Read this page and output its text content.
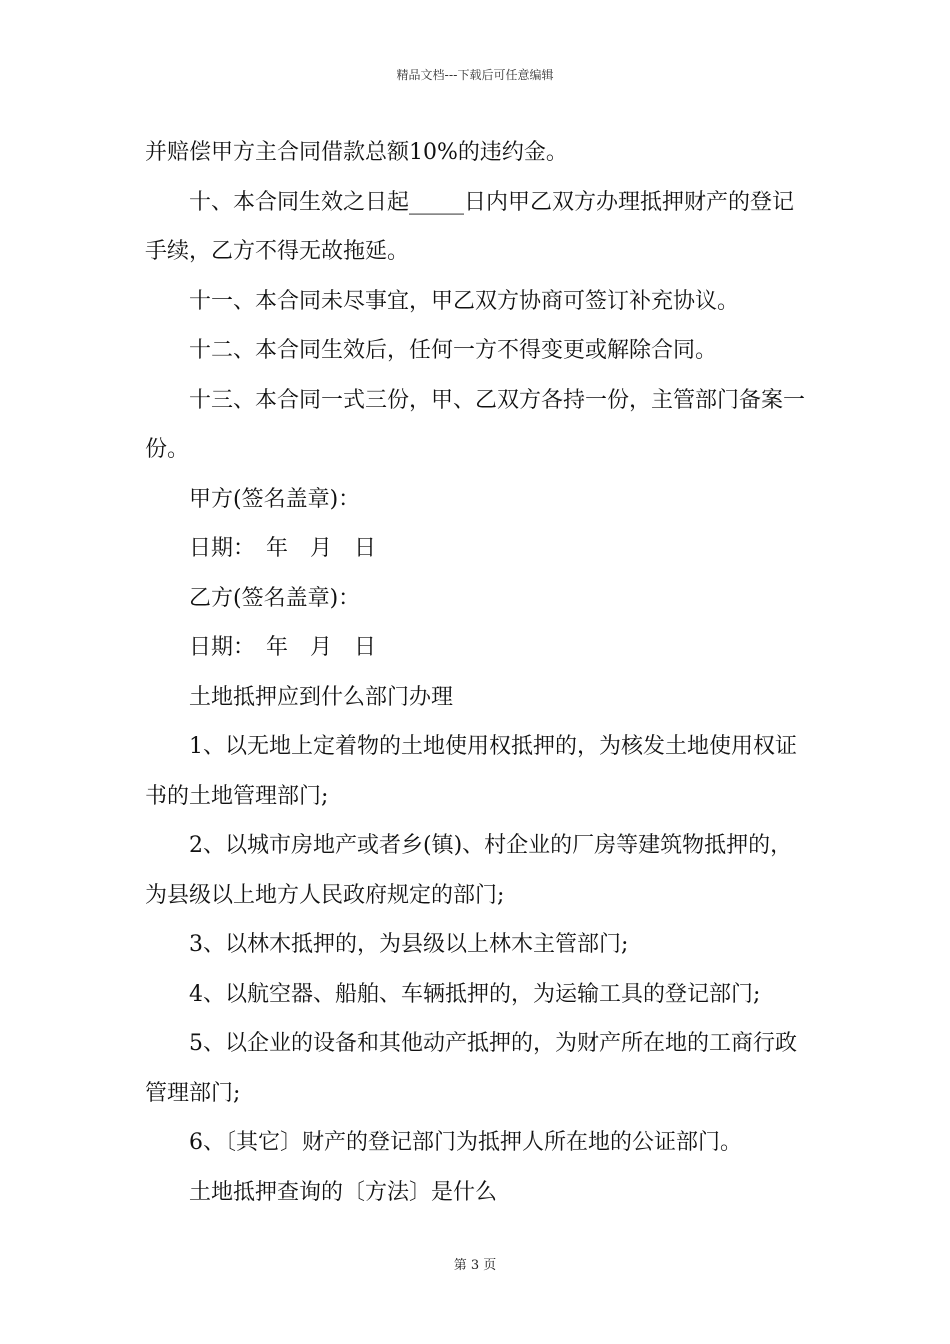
精品文档---下载后可任意编辑

并赔偿甲方主合同借款总额10%的违约金。

十、本合同生效之日起_____日内甲乙双方办理抵押财产的登记手续，乙方不得无故拖延。

十一、本合同未尽事宜，甲乙双方协商可签订补充协议。

十二、本合同生效后，任何一方不得变更或解除合同。

十三、本合同一式三份，甲、乙双方各持一份，主管部门备案一份。

甲方(签名盖章)：

日期：　年　月　日

乙方(签名盖章)：

日期：　年　月　日

土地抵押应到什么部门办理

1、以无地上定着物的土地使用权抵押的，为核发土地使用权证书的土地管理部门;

2、以城市房地产或者乡(镇)、村企业的厂房等建筑物抵押的，为县级以上地方人民政府规定的部门;

3、以林木抵押的，为县级以上林木主管部门;

4、以航空器、船舶、车辆抵押的，为运输工具的登记部门;

5、以企业的设备和其他动产抵押的，为财产所在地的工商行政管理部门;

6、〔其它〕财产的登记部门为抵押人所在地的公证部门。

土地抵押查询的〔方法〕是什么

第 3 页
